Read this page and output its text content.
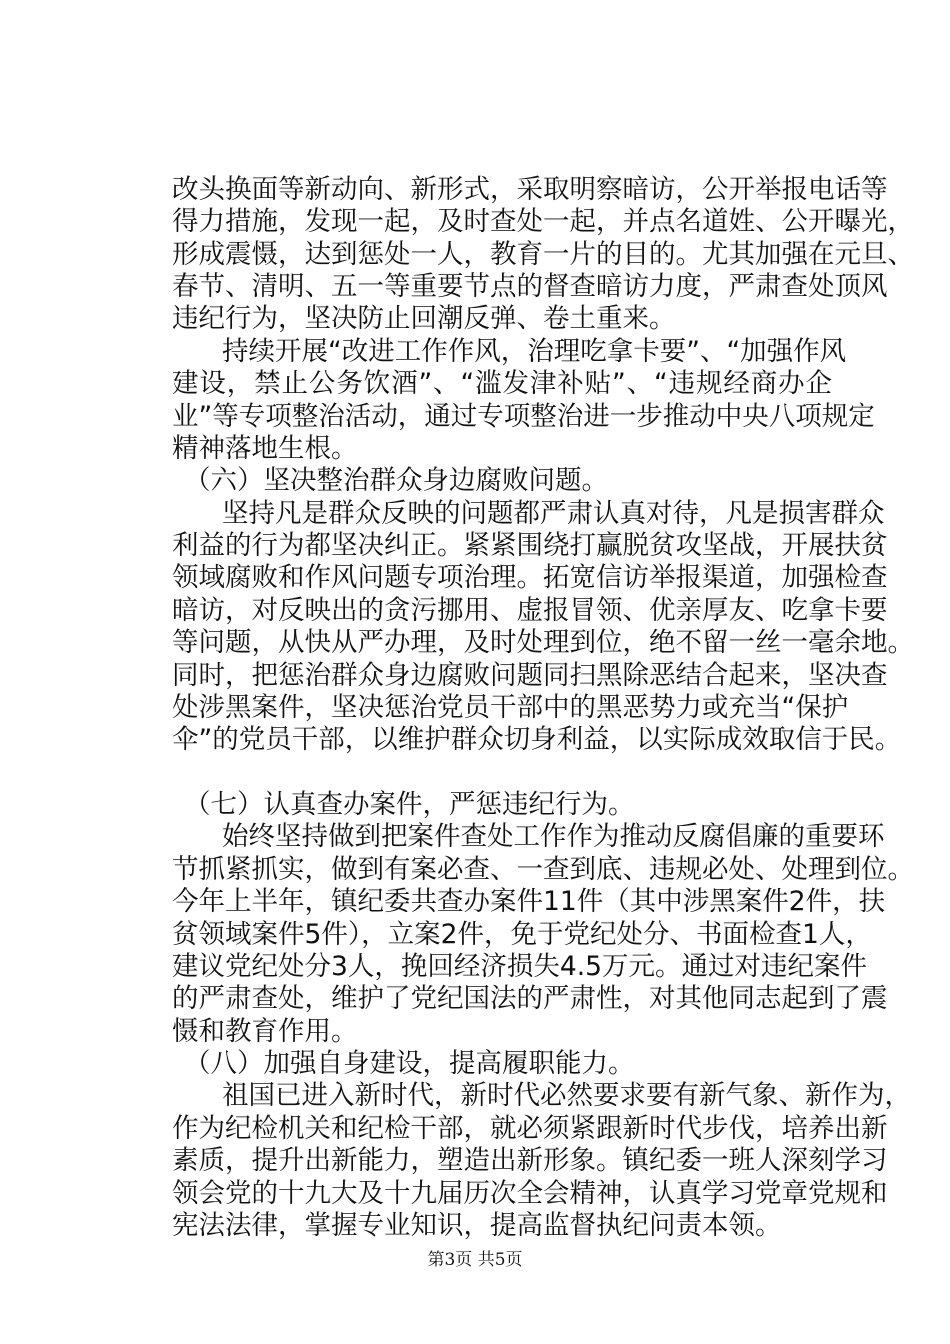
改头换面等新动向、新形式，采取明察暗访，公开举报电话等
得力措施，发现一起，及时查处一起，并点名道姓、公开曝光，
形成震慑，达到惩处一人，教育一片的目的。尤其加强在元旦、
春节、清明、五一等重要节点的督查暗访力度，严肃查处顶风
违纪行为，坚决防止回潮反弹、卷土重来。
持续开展“改进工作作风，治理吃拿卡要”、“加强作风
建设，禁止公务饮酒”、“滥发津补贴”、“违规经商办企
业”等专项整治活动，通过专项整治进一步推动中央八项规定
精神落地生根。
（六）坚决整治群众身边腐败问题。
坚持凡是群众反映的问题都严肃认真对待，凡是损害群众
利益的行为都坚决纠正。紧紧围绕打赢脱贫攻坚战，开展扶贫
领域腐败和作风问题专项治理。拓宽信访举报渠道，加强检查
暗访，对反映出的贪污挪用、虚报冒领、优亲厚友、吃拿卡要
等问题，从快从严办理，及时处理到位，绝不留一丝一毫余地。
同时，把惩治群众身边腐败问题同扫黑除恶结合起来，坚决查
处涉黑案件，坚决惩治党员干部中的黑恶势力或充当“保护
伞”的党员干部，以维护群众切身利益，以实际成效取信于民。
（七）认真查办案件，严惩违纪行为。
始终坚持做到把案件查处工作作为推动反腐倡廉的重要环
节抓紧抓实，做到有案必查、一查到底、违规必处、处理到位。
今年上半年，镇纪委共查办案件11件（其中涉黑案件2件，扶
贫领域案件5件），立案2件，免于党纪处分、书面检查1人，
建议党纪处分3人，挽回经济损失4.5万元。通过对违纪案件
的严肃查处，维护了党纪国法的严肃性，对其他同志起到了震
慑和教育作用。
（八）加强自身建设，提高履职能力。
祖国已进入新时代，新时代必然要求要有新气象、新作为，
作为纪检机关和纪检干部，就必须紧跟新时代步伐，培养出新
素质，提升出新能力，塑造出新形象。镇纪委一班人深刻学习
领会党的十九大及十九届历次全会精神，认真学习党章党规和
宪法法律，掌握专业知识，提高监督执纪问责本领。
第3页 共5页
